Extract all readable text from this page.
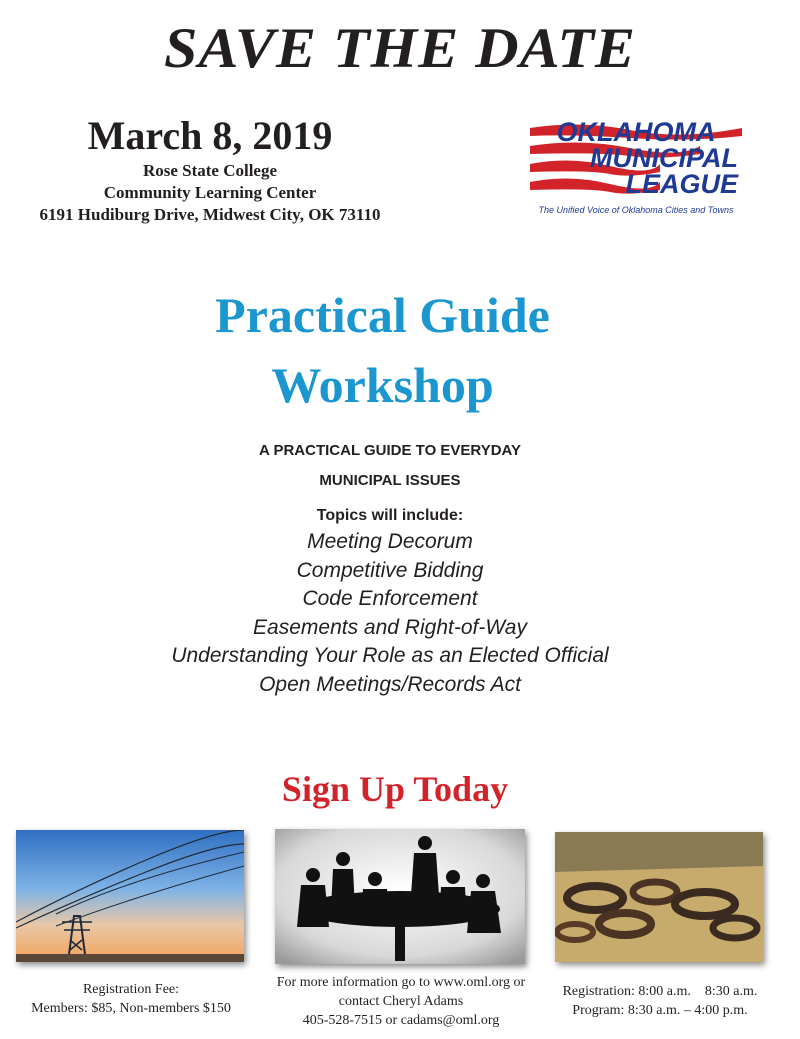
SAVE THE DATE
March 8, 2019
Rose State College
Community Learning Center
6191 Hudiburg Drive, Midwest City, OK 73110
OKLAHOMA
MUNICIPAL
LEAGUE
The Unified Voice of Oklahoma Cities and Towns
Practical Guide
Workshop
A PRACTICAL GUIDE TO EVERYDAY
MUNICIPAL ISSUES
Topics will include:
Meeting Decorum
Competitive Bidding
Code Enforcement
Easements and Right-of-Way
Understanding Your Role as an Elected Official
Open Meetings/Records Act
Sign Up Today
Registration Fee:
Members: $85, Non-members $150
For more information go to www.oml.org or
contact Cheryl Adams
405-528-7515 or cadams@oml.org
Registration: 8:00 a.m.    8:30 a.m.
Program: 8:30 a.m. – 4:00 p.m.
